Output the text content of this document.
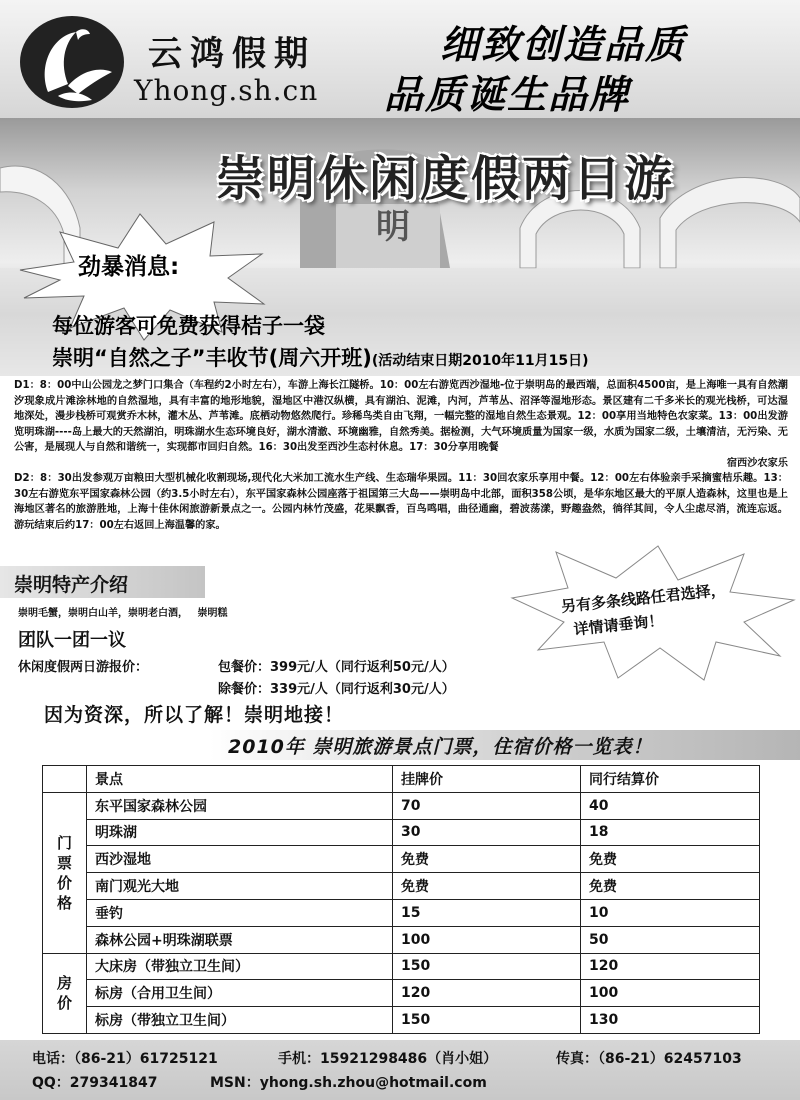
云鸿假期
Yhong.sh.cn
细致创造品质
品质诞生品牌
明
崇明休闲度假两日游
劲暴消息:
每位游客可免费获得桔子一袋
崇明“自然之子”丰收节(周六开班)(活动结束日期2010年11月15日)

D1：8：00中山公园龙之梦门口集合（车程约2小时左右），车游上海长江隧桥。10：00左右游览西沙湿地-位于崇明岛的最西端，总面积4500亩，是上海唯一具有自然潮汐现象成片滩涂林地的自然湿地，具有丰富的地形地貌，湿地区中港汉纵横，具有湖泊、泥滩，内河，芦苇丛、沼泽等湿地形态。景区建有二千多米长的观光栈桥，可达湿地深处，漫步栈桥可观赏乔木林，灌木丛、芦苇滩。底栖动物悠然爬行。珍稀鸟类自由飞翔，一幅完整的湿地自然生态景观。12：00享用当地特色农家菜。13：00出发游览明珠湖----岛上最大的天然湖泊，明珠湖水生态环境良好，湖水清澈、环境幽雅，自然秀美。据检测，大气环境质量为国家一级，水质为国家二级，土壤清洁，无污染、无公害，是展现人与自然和谐统一，实现都市回归自然。16：30出发至西沙生态村休息。17：30分享用晚餐

宿西沙农家乐

D2：8：30出发参观万亩粮田大型机械化收割现场,现代化大米加工流水生产线、生态瑞华果园。11：30回农家乐享用中餐。12：00左右体验亲手采摘蜜桔乐趣。13：30左右游览东平国家森林公园（约3.5小时左右），东平国家森林公园座落于祖国第三大岛——崇明岛中北部，面积358公顷，是华东地区最大的平原人造森林，这里也是上海地区著名的旅游胜地，上海十佳休闲旅游新景点之一。公园内林竹茂盛，花果飘香，百鸟鸣唱，曲径通幽，碧波荡漾，野趣盎然，徜徉其间，令人尘虑尽消，流连忘返。游玩结束后约17：00左右返回上海温馨的家。

崇明特产介绍
崇明毛蟹，崇明白山羊，崇明老白酒， 崇明糕
团队一团一议
休闲度假两日游报价：	包餐价：399元/人（同行返利50元/人）
除餐价：339元/人（同行返利30元/人）
因为资深，所以了解！崇明地接！
另有多条线路任君选择，
详情请垂询！
2010年 崇明旅游景点门票，住宿价格一览表！
	景点	挂牌价	同行结算价
门票价格	东平国家森林公园	70	40
	明珠湖	30	18
	西沙湿地	免费	免费
	南门观光大地	免费	免费
	垂钓	15	10
	森林公园+明珠湖联票	100	50
房价	大床房（带独立卫生间）	150	120
	标房（合用卫生间）	120	100
	标房（带独立卫生间）	150	130
电话：（86-21）61725121	手机：15921298486（肖小姐）	传真：（86-21）62457103
QQ：279341847	MSN：yhong.sh.zhou@hotmail.com
